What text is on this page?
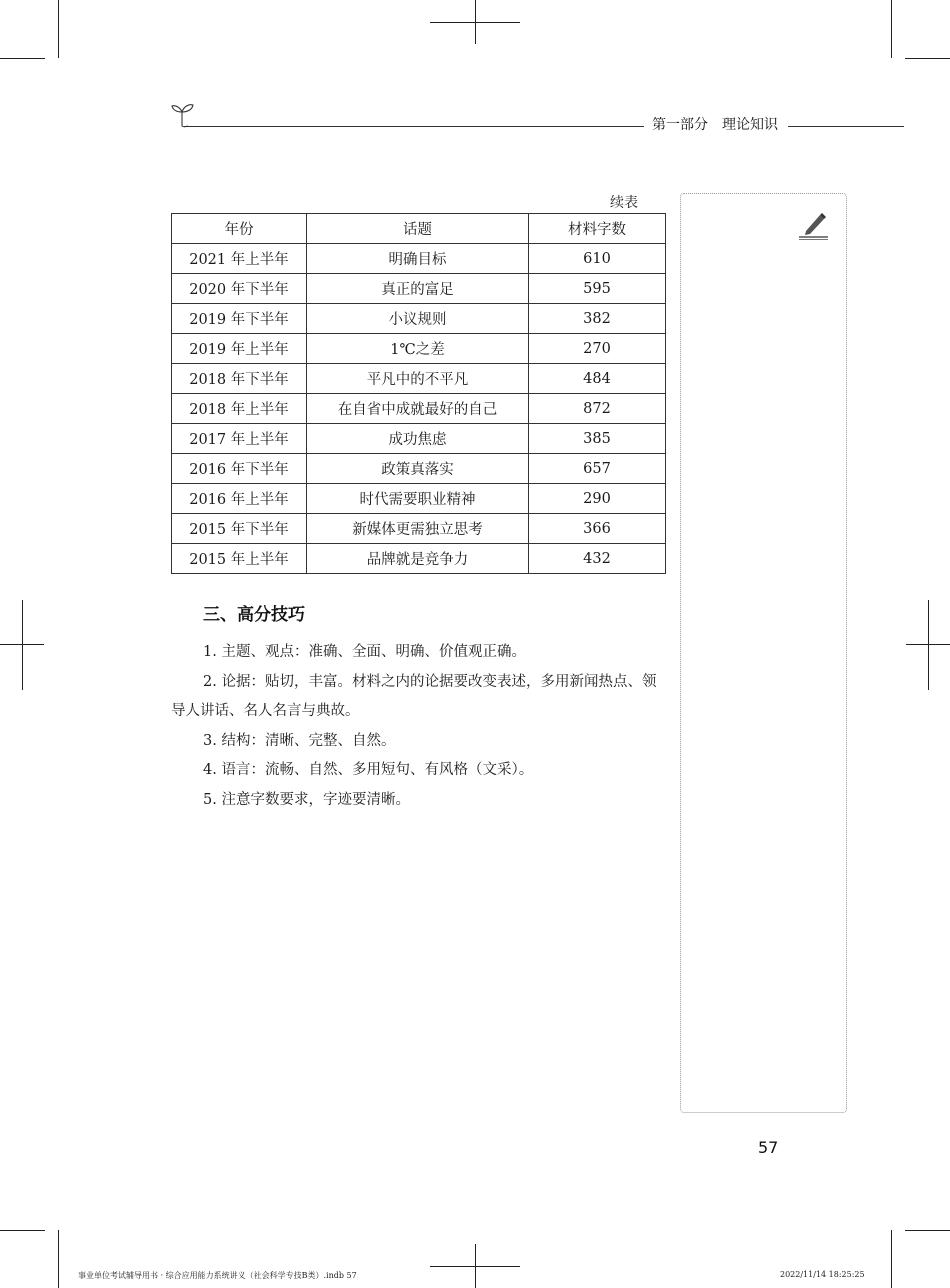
第一部分　理论知识
续表
年份	话题	材料字数
2021 年上半年	明确目标	610
2020 年下半年	真正的富足	595
2019 年下半年	小议规则	382
2019 年上半年	1℃之差	270
2018 年下半年	平凡中的不平凡	484
2018 年上半年	在自省中成就最好的自己	872
2017 年上半年	成功焦虑	385
2016 年下半年	政策真落实	657
2016 年上半年	时代需要职业精神	290
2015 年下半年	新媒体更需独立思考	366
2015 年上半年	品牌就是竞争力	432
三、高分技巧

1. 主题、观点：准确、全面、明确、价值观正确。

2. 论据：贴切，丰富。材料之内的论据要改变表述，多用新闻热点、领导人讲话、名人名言与典故。

3. 结构：清晰、完整、自然。

4. 语言：流畅、自然、多用短句、有风格（文采）。

5. 注意字数要求，字迹要清晰。

57
事业单位考试辅导用书 · 综合应用能力系统讲义（社会科学专技B类）.indb 57	2022/11/14 18:25:25
